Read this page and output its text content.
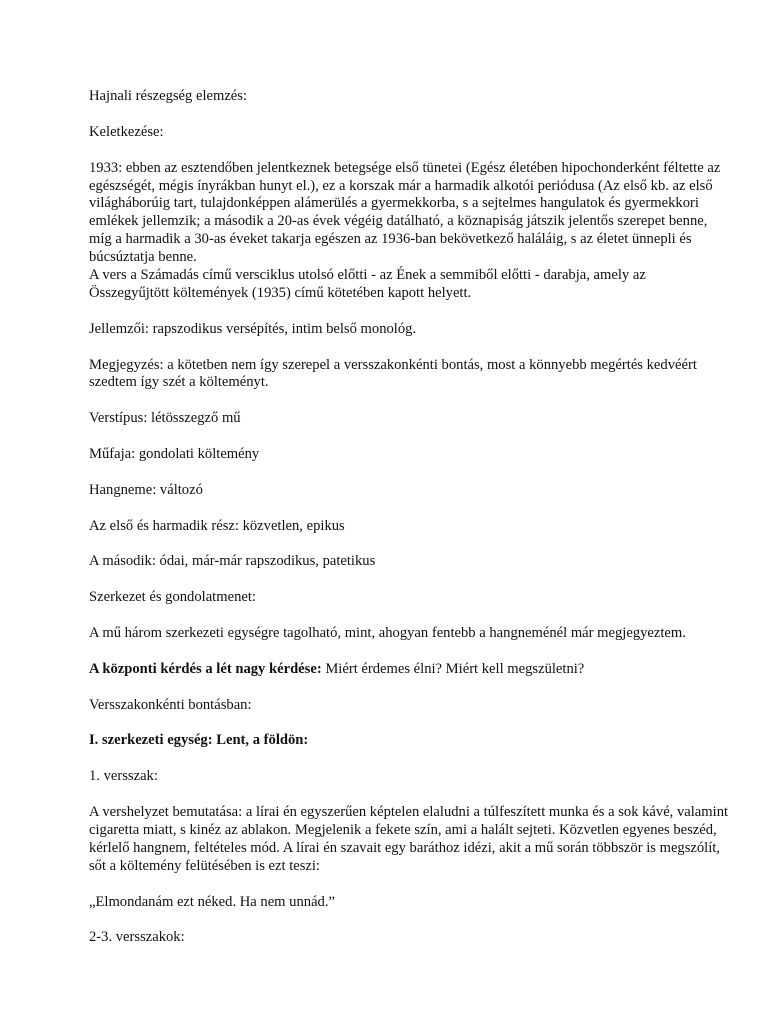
Hajnali részegség elemzés:

Keletkezése:

1933: ebben az esztendőben jelentkeznek betegsége első tünetei (Egész életében hipochonderként féltette az egészségét, mégis ínyrákban hunyt el.), ez a korszak már a harmadik alkotói periódusa (Az első kb. az első világháborúig tart, tulajdonképpen alámerülés a gyermekkorba, s a sejtelmes hangulatok és gyermekkori emlékek jellemzik; a második a 20-as évek végéig datálható, a köznapiság játszik jelentős szerepet benne, míg a harmadik a 30-as éveket takarja egészen az 1936-ban bekövetkező haláláig, s az életet ünnepli és búcsúztatja benne.

A vers a Számadás című versciklus utolsó előtti - az Ének a semmiből előtti - darabja, amely az Összegyűjtött költemények (1935) című kötetében kapott helyett.

Jellemzői: rapszodikus versépítés, intim belső monológ.

Megjegyzés: a kötetben nem így szerepel a versszakonkénti bontás, most a könnyebb megértés kedvéért szedtem így szét a költeményt.

Verstípus: létösszegző mű

Műfaja: gondolati költemény

Hangneme: változó

Az első és harmadik rész: közvetlen, epikus

A második: ódai, már-már rapszodikus, patetikus

Szerkezet és gondolatmenet:

A mű három szerkezeti egységre tagolható, mint, ahogyan fentebb a hangneménél már megjegyeztem.

A központi kérdés a lét nagy kérdése: Miért érdemes élni? Miért kell megszületni?

Versszakonkénti bontásban:

I. szerkezeti egység: Lent, a földön:

1. versszak:

A vershelyzet bemutatása: a lírai én egyszerűen képtelen elaludni a túlfeszített munka és a sok kávé, valamint cigaretta miatt, s kinéz az ablakon. Megjelenik a fekete szín, ami a halált sejteti. Közvetlen egyenes beszéd, kérlelő hangnem, feltételes mód. A lírai én szavait egy baráthoz idézi, akit a mű során többször is megszólít, sőt a költemény felütésében is ezt teszi:

„Elmondanám ezt néked. Ha nem unnád.”

2-3. versszakok:
